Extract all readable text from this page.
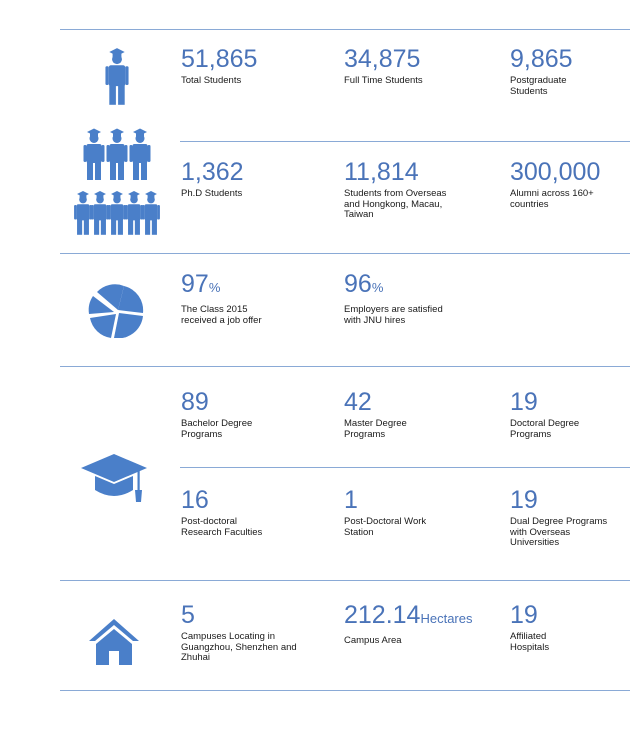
51,865
Total Students
34,875
Full Time Students
9,865
Postgraduate Students
1,362
Ph.D Students
11,814
Students from Overseas and Hongkong, Macau, Taiwan
300,000
Alumni across 160+ countries
97%
The Class 2015 received a job offer
96%
Employers are satisfied with JNU hires
89
Bachelor Degree Programs
42
Master Degree Programs
19
Doctoral Degree Programs
16
Post-doctoral Research Faculties
1
Post-Doctoral Work Station
19
Dual Degree Programs with Overseas Universities
5
Campuses Locating in Guangzhou, Shenzhen and Zhuhai
212.14Hectares
Campus Area
19
Affiliated Hospitals
